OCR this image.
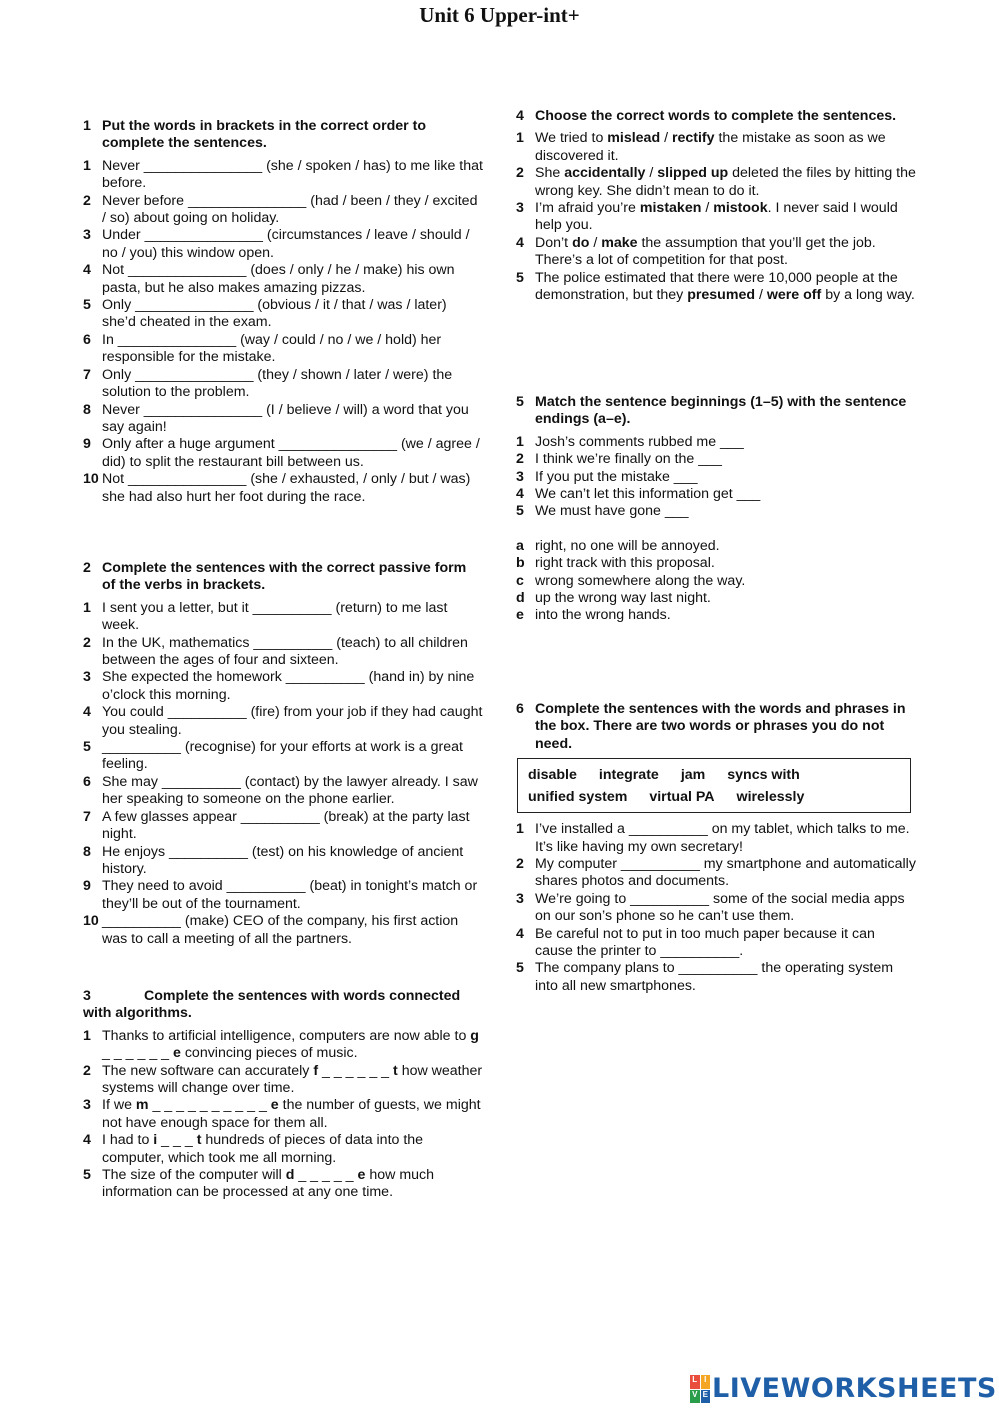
Unit 6 Upper-int+
1 Put the words in brackets in the correct order to complete the sentences.
1 Never _______________ (she / spoken / has) to me like that before.
2 Never before _______________ (had / been / they / excited / so) about going on holiday.
3 Under _______________ (circumstances / leave / should / no / you) this window open.
4 Not _______________ (does / only / he / make) his own pasta, but he also makes amazing pizzas.
5 Only _______________ (obvious / it / that / was / later) she’d cheated in the exam.
6 In _______________ (way / could / no / we / hold) her responsible for the mistake.
7 Only _______________ (they / shown / later / were) the solution to the problem.
8 Never _______________ (I / believe / will) a word that you say again!
9 Only after a huge argument _______________ (we / agree / did) to split the restaurant bill between us.
10 Not _______________ (she / exhausted, / only / but / was) she had also hurt her foot during the race.
2 Complete the sentences with the correct passive form of the verbs in brackets.
1 I sent you a letter, but it __________ (return) to me last week.
2 In the UK, mathematics __________ (teach) to all children between the ages of four and sixteen.
3 She expected the homework __________ (hand in) by nine o’clock this morning.
4 You could __________ (fire) from your job if they had caught you stealing.
5 __________ (recognise) for your efforts at work is a great feeling.
6 She may __________ (contact) by the lawyer already. I saw her speaking to someone on the phone earlier.
7 A few glasses appear __________ (break) at the party last night.
8 He enjoys __________ (test) on his knowledge of ancient history.
9 They need to avoid __________ (beat) in tonight’s match or they’ll be out of the tournament.
10 __________ (make) CEO of the company, his first action was to call a meeting of all the partners.
3	Complete the sentences with words connected with algorithms.
1 Thanks to artificial intelligence, computers are now able to g _ _ _ _ _ _ e convincing pieces of music.
2 The new software can accurately f _ _ _ _ _ _ t how weather systems will change over time.
3 If we m _ _ _ _ _ _ _ _ _ _ e the number of guests, we might not have enough space for them all.
4 I had to i _ _ _ t hundreds of pieces of data into the computer, which took me all morning.
5 The size of the computer will d _ _ _ _ _ e how much information can be processed at any one time.
4 Choose the correct words to complete the sentences.
1 We tried to mislead / rectify the mistake as soon as we discovered it.
2 She accidentally / slipped up deleted the files by hitting the wrong key. She didn’t mean to do it.
3 I’m afraid you’re mistaken / mistook. I never said I would help you.
4 Don’t do / make the assumption that you’ll get the job. There’s a lot of competition for that post.
5 The police estimated that there were 10,000 people at the demonstration, but they presumed / were off by a long way.
5 Match the sentence beginnings (1–5) with the sentence endings (a–e).
1 Josh’s comments rubbed me ___
2 I think we’re finally on the ___
3 If you put the mistake ___
4 We can’t let this information get ___
5 We must have gone ___
a right, no one will be annoyed.
b right track with this proposal.
c wrong somewhere along the way.
d up the wrong way last night.
e into the wrong hands.
6 Complete the sentences with the words and phrases in the box. There are two words or phrases you do not need.
disable integrate jam syncs with
unified system virtual PA wirelessly
1 I’ve installed a __________ on my tablet, which talks to me. It’s like having my own secretary!
2 My computer __________ my smartphone and automatically shares photos and documents.
3 We’re going to __________ some of the social media apps on our son’s phone so he can’t use them.
4 Be careful not to put in too much paper because it can cause the printer to __________.
5 The company plans to __________ the operating system into all new smartphones.
L I
V E LIVEWORKSHEETS
